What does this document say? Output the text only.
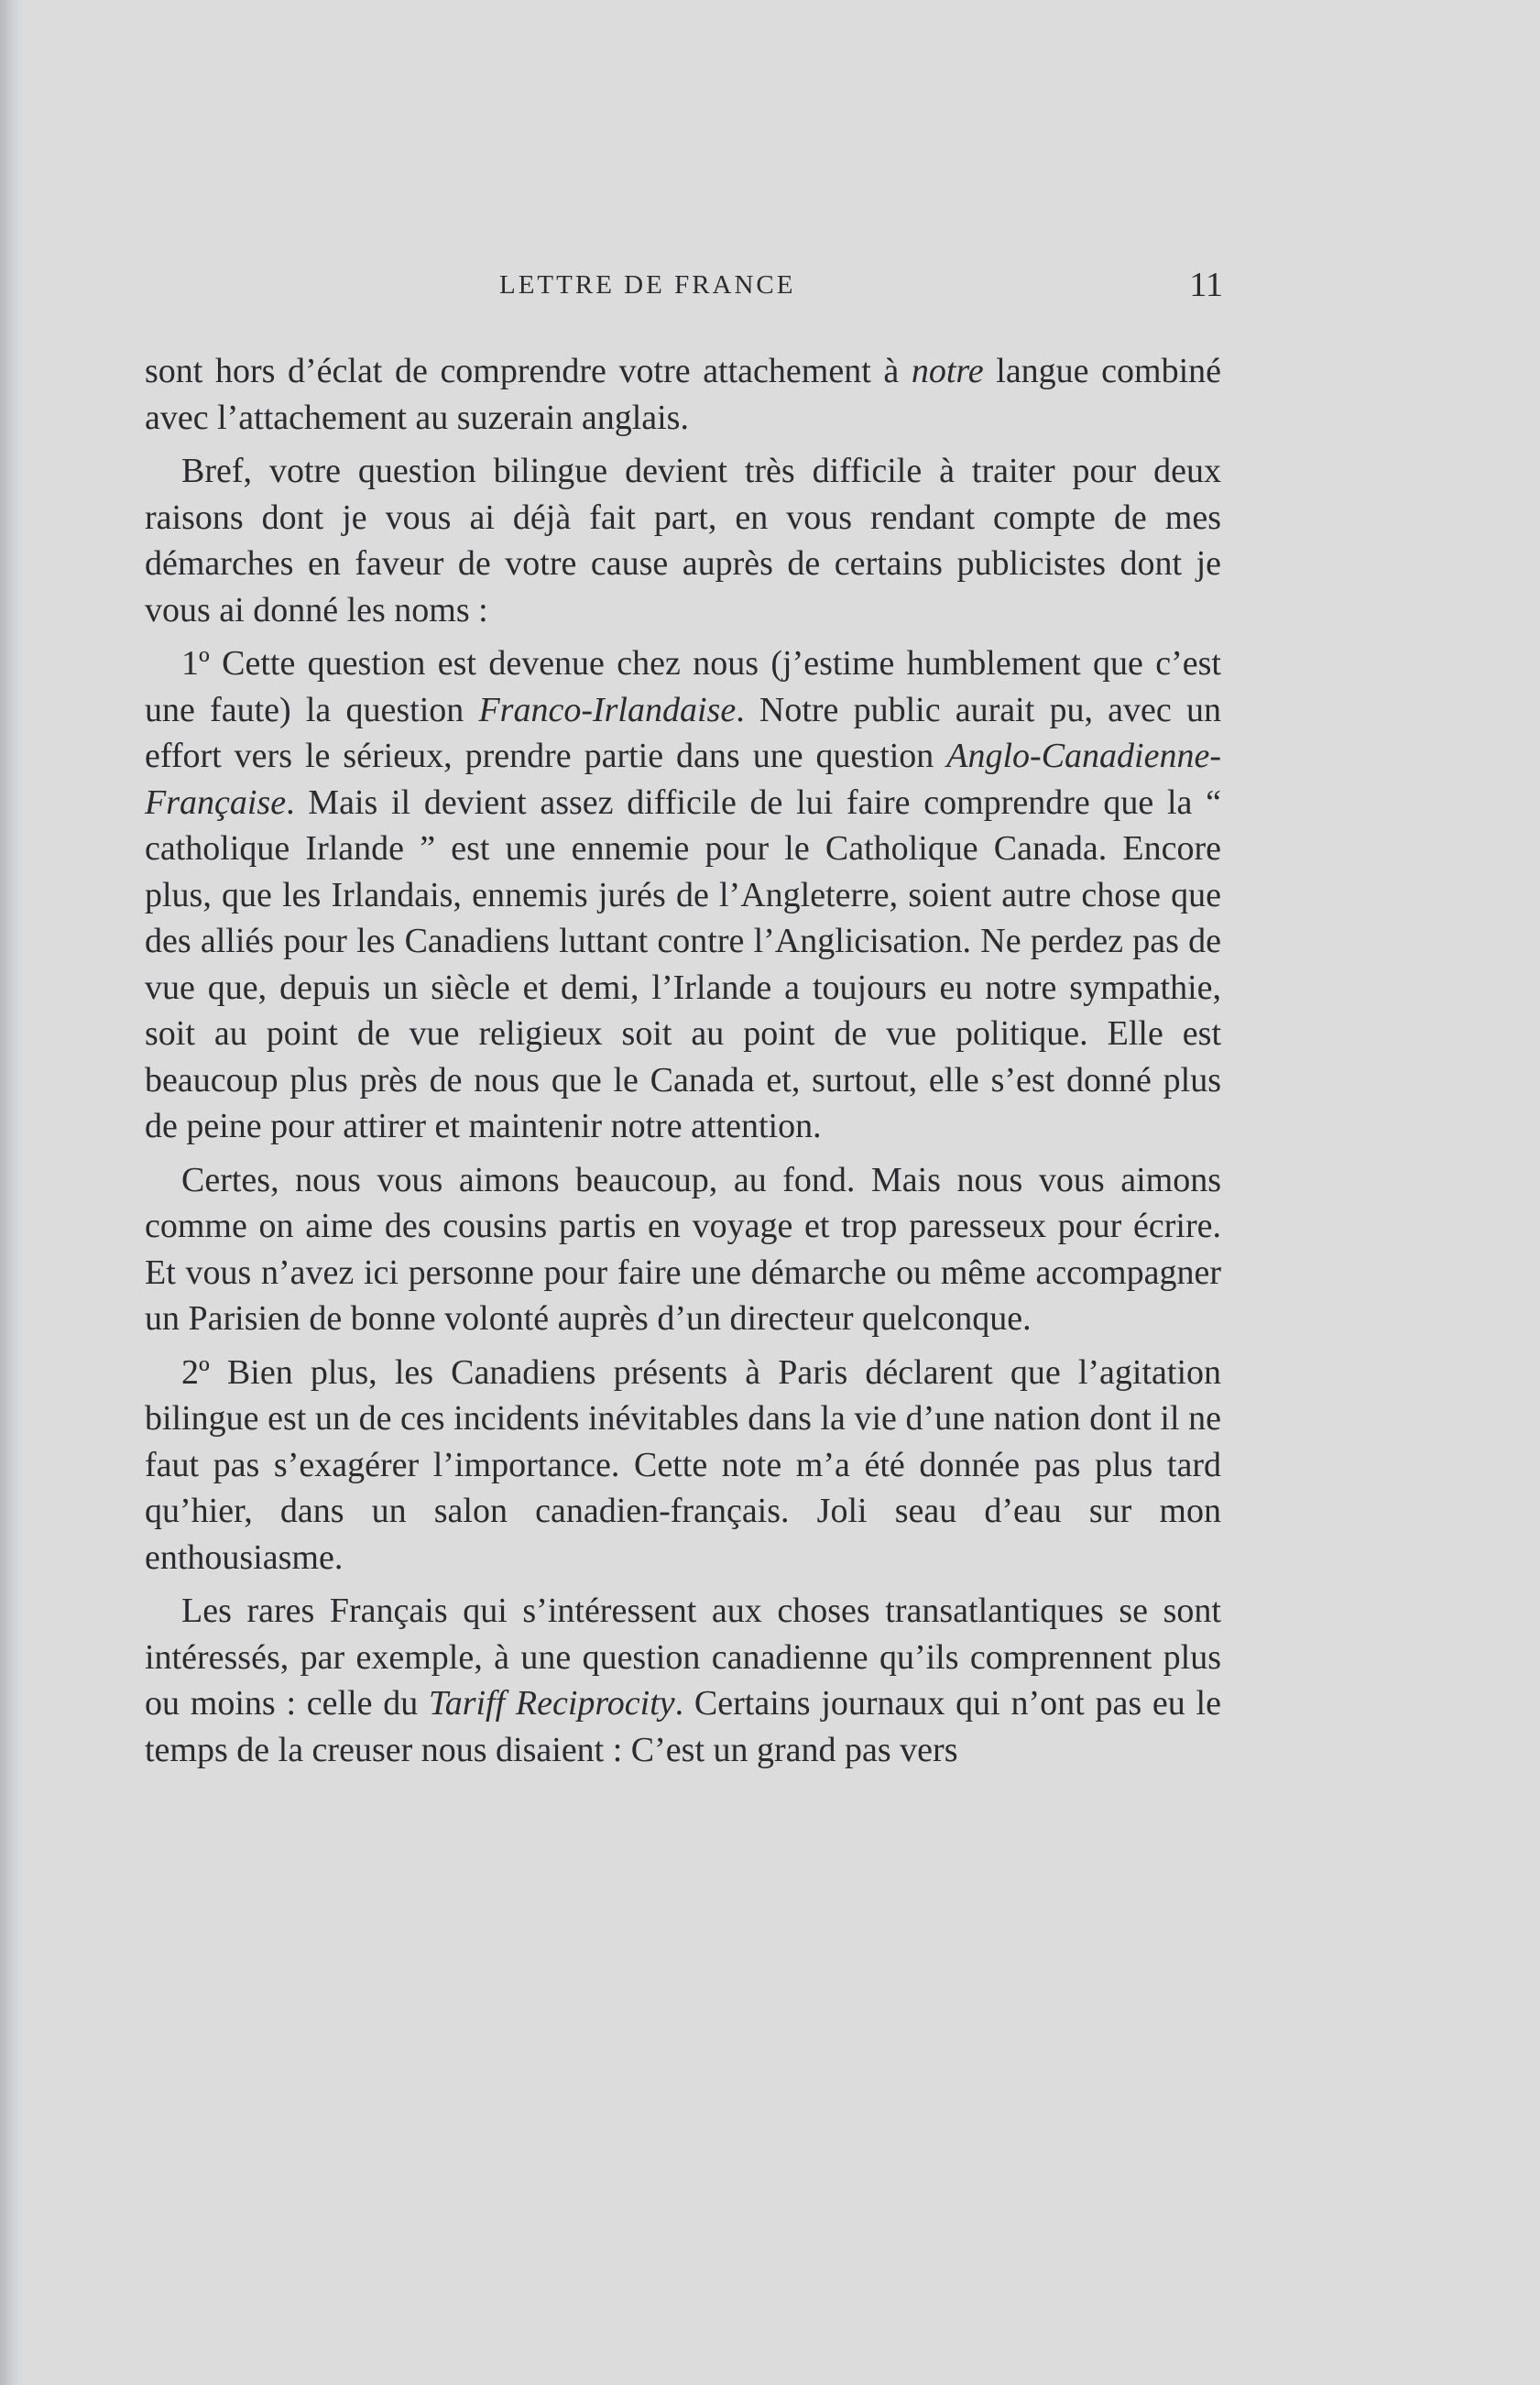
LETTRE DE FRANCE	11

sont hors d’éclat de comprendre votre attachement à notre langue combiné avec l’attachement au suzerain anglais.

Bref, votre question bilingue devient très difficile à traiter pour deux raisons dont je vous ai déjà fait part, en vous rendant compte de mes démarches en faveur de votre cause auprès de certains publicistes dont je vous ai donné les noms :

1º Cette question est devenue chez nous (j’estime humblement que c’est une faute) la question Franco-Irlandaise. Notre public aurait pu, avec un effort vers le sérieux, prendre partie dans une question Anglo-Canadienne-Française. Mais il devient assez difficile de lui faire comprendre que la “ catholique Irlande ” est une ennemie pour le Catholique Canada. Encore plus, que les Irlandais, ennemis jurés de l’Angleterre, soient autre chose que des alliés pour les Canadiens luttant contre l’Anglicisation. Ne perdez pas de vue que, depuis un siècle et demi, l’Irlande a toujours eu notre sympathie, soit au point de vue religieux soit au point de vue politique. Elle est beaucoup plus près de nous que le Canada et, surtout, elle s’est donné plus de peine pour attirer et maintenir notre attention.

Certes, nous vous aimons beaucoup, au fond. Mais nous vous aimons comme on aime des cousins partis en voyage et trop paresseux pour écrire. Et vous n’avez ici personne pour faire une démarche ou même accompagner un Parisien de bonne volonté auprès d’un directeur quelconque.

2º Bien plus, les Canadiens présents à Paris déclarent que l’agitation bilingue est un de ces incidents inévitables dans la vie d’une nation dont il ne faut pas s’exagérer l’importance. Cette note m’a été donnée pas plus tard qu’hier, dans un salon canadien-français. Joli seau d’eau sur mon enthousiasme.

Les rares Français qui s’intéressent aux choses transatlantiques se sont intéressés, par exemple, à une question canadienne qu’ils comprennent plus ou moins : celle du Tariff Reciprocity. Certains journaux qui n’ont pas eu le temps de la creuser nous disaient : C’est un grand pas vers
